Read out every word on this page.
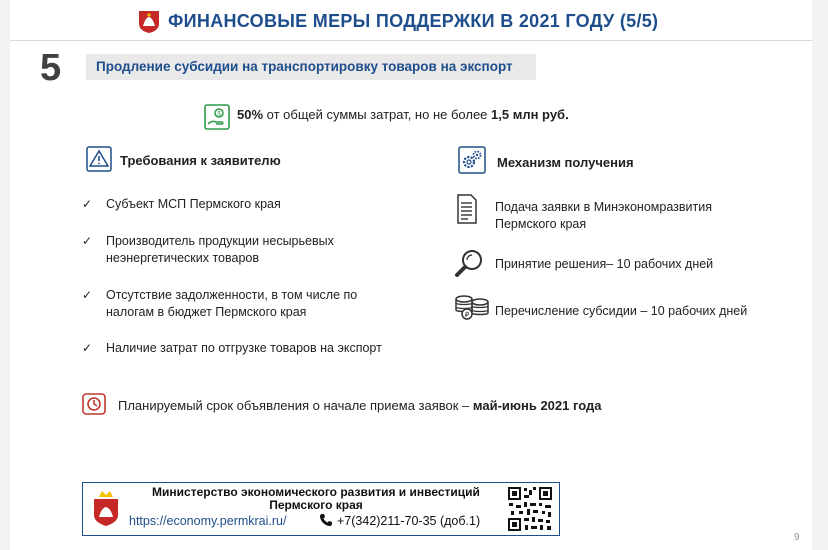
ФИНАНСОВЫЕ МЕРЫ ПОДДЕРЖКИ В 2021 ГОДУ (5/5)
5	Продление субсидии на транспортировку товаров на экспорт
$ 50% от общей суммы затрат, но не более 1,5 млн руб.
Требования к заявителю
✓ Субъект МСП Пермского края
✓ Производитель продукции несырьевых неэнергетических товаров
✓ Отсутствие задолженности, в том числе по налогам в бюджет Пермского края
✓ Наличие затрат по отгрузке товаров на экспорт
Механизм получения
Подача заявки в Минэкономразвития Пермского края
Принятие решения– 10 рабочих дней
₽ Перечисление субсидии – 10 рабочих дней
Планируемый срок объявления о начале приема заявок – май-июнь 2021 года
Министерство экономического развития и инвестиций
Пермского края
https://economy.permkrai.ru/	+7(342)211-70-35 (доб.1)
9
